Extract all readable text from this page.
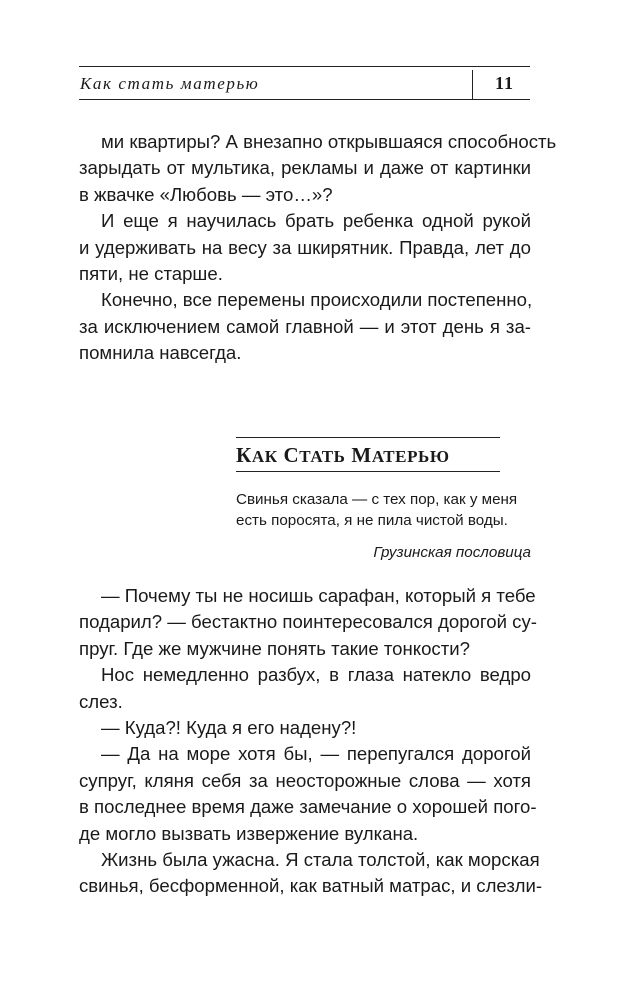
Как стать матерью	11

ми квартиры? А внезапно открывшаяся способность
зарыдать от мультика, рекламы и даже от картинки
в жвачке «Любовь — это…»?

И еще я научилась брать ребенка одной рукой
и удерживать на весу за шкирятник. Правда, лет до
пяти, не старше.

Конечно, все перемены происходили постепенно,
за исключением самой главной — и этот день я за-
помнила навсегда.

КАК СТАТЬ МАТЕРЬЮ
Свинья сказала — с тех пор, как у меня
есть поросята, я не пила чистой воды.
Грузинская пословица

— Почему ты не носишь сарафан, который я тебе
подарил? — бестактно поинтересовался дорогой су-
пруг. Где же мужчине понять такие тонкости?

Нос немедленно разбух, в глаза натекло ведро
слез.

— Куда?! Куда я его надену?!

— Да на море хотя бы, — перепугался дорогой
супруг, кляня себя за неосторожные слова — хотя
в последнее время даже замечание о хорошей пого-
де могло вызвать извержение вулкана.

Жизнь была ужасна. Я стала толстой, как морская
свинья, бесформенной, как ватный матрас, и слезли-
